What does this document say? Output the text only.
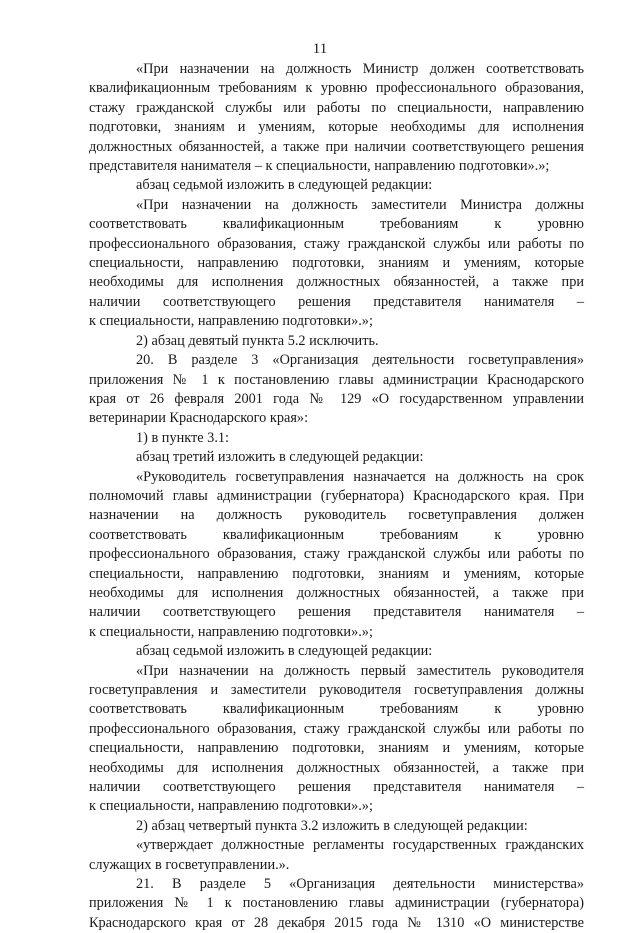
11
«При назначении на должность Министр должен соответствовать
квалификационным требованиям к уровню профессионального образования,
стажу гражданской службы или работы по специальности, направлению
подготовки, знаниям и умениям, которые необходимы для исполнения
должностных обязанностей, а также при наличии соответствующего решения
представителя нанимателя – к специальности, направлению подготовки».»;
абзац седьмой изложить в следующей редакции:
«При назначении на должность заместители Министра должны
соответствовать квалификационным требованиям к уровню
профессионального образования, стажу гражданской службы или работы по
специальности, направлению подготовки, знаниям и умениям, которые
необходимы для исполнения должностных обязанностей, а также при
наличии соответствующего решения представителя нанимателя –
к специальности, направлению подготовки».»;
2) абзац девятый пункта 5.2 исключить.
20. В разделе 3 «Организация деятельности госветуправления»
приложения № 1 к постановлению главы администрации Краснодарского
края от 26 февраля 2001 года № 129 «О государственном управлении
ветеринарии Краснодарского края»:
1) в пункте 3.1:
абзац третий изложить в следующей редакции:
«Руководитель госветуправления назначается на должность на срок
полномочий главы администрации (губернатора) Краснодарского края. При
назначении на должность руководитель госветуправления должен
соответствовать квалификационным требованиям к уровню
профессионального образования, стажу гражданской службы или работы по
специальности, направлению подготовки, знаниям и умениям, которые
необходимы для исполнения должностных обязанностей, а также при
наличии соответствующего решения представителя нанимателя –
к специальности, направлению подготовки».»;
абзац седьмой изложить в следующей редакции:
«При назначении на должность первый заместитель руководителя
госветуправления и заместители руководителя госветуправления должны
соответствовать квалификационным требованиям к уровню
профессионального образования, стажу гражданской службы или работы по
специальности, направлению подготовки, знаниям и умениям, которые
необходимы для исполнения должностных обязанностей, а также при
наличии соответствующего решения представителя нанимателя –
к специальности, направлению подготовки».»;
2) абзац четвертый пункта 3.2 изложить в следующей редакции:
«утверждает должностные регламенты государственных гражданских
служащих в госветуправлении.».
21. В разделе 5 «Организация деятельности министерства»
приложения № 1 к постановлению главы администрации (губернатора)
Краснодарского края от 28 декабря 2015 года № 1310 «О министерстве
